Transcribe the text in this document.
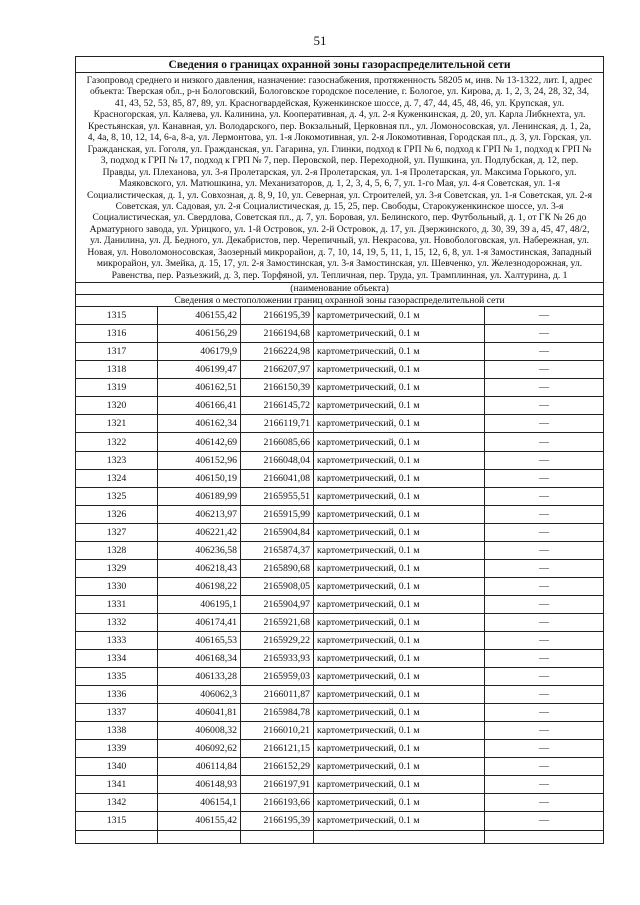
51
Сведения о границах охранной зоны газораспределительной сети				
Газопровод среднего и низкого давления, назначение: газоснабжения, протяженность 58205 м, инв. № 13-1322, лит. I, адрес объекта: Тверская обл., р-н Бологовский, Бологовское городское поселение, г. Бологое, ул. Кирова, д. 1, 2, 3, 24, 28, 32, 34, 41, 43, 52, 53, 85, 87, 89, ул. Красногвардейская, Куженкинское шоссе, д. 7, 47, 44, 45, 48, 46, ул. Крупская, ул. Красногорская, ул. Каляева, ул. Калинина, ул. Кооперативная, д. 4, ул. 2-я Куженкинская, д. 20, ул. Карла Либкнехта, ул. Крестьянская, ул. Канавная, ул. Володарского, пер. Вокзальный, Церковная пл., ул. Ломоносовская, ул. Ленинская, д. 1, 2а, 4, 4а, 8, 10, 12, 14, 6-а, 8-а, ул. Лермонтова, ул. 1-я Локомотивная, ул. 2-я Локомотивная, Городская пл., д. 3, ул. Горская, ул. Гражданская, ул. Гоголя, ул. Гражданская, ул. Гагарина, ул. Глинки, подход к ГРП № 6, подход к ГРП № 1, подход к ГРП № 3, подход к ГРП № 17, подход к ГРП № 7, пер. Перовской, пер. Переходной, ул. Пушкина, ул. Подлубская, д. 12, пер. Правды, ул. Плеханова, ул. 3-я Пролетарская, ул. 2-я Пролетарская, ул. 1-я Пролетарская, ул. Максима Горького, ул. Маяковского, ул. Матюшкина, ул. Механизаторов, д. 1, 2, 3, 4, 5, 6, 7, ул. 1-го Мая, ул. 4-я Советская, ул. 1-я Социалистическая, д. 1, ул. Совхозная, д. 8, 9, 10, ул. Северная, ул. Строителей, ул. 3-я Советская, ул. 1-я Советская, ул. 2-я Советская, ул. Садовая, ул. 2-я Социалистическая, д. 15, 25, пер. Свободы, Старокуженкинское шоссе, ул. 3-я Социалистическая, ул. Свердлова, Советская пл., д. 7, ул. Боровая, ул. Белинского, пер. Футбольный, д. 1, от ГК № 26 до Арматурного завода, ул. Урицкого, ул. 1-й Островок, ул. 2-й Островок, д. 17, ул. Дзержинского, д. 30, 39, 39 а, 45, 47, 48/2, ул. Данилина, ул. Д. Бедного, ул. Декабристов, пер. Черепичный, ул. Некрасова, ул. Новобологовская, ул. Набережная, ул. Новая, ул. Новоломоносовская, Заозерный микрорайон, д. 7, 10, 14, 19, 5, 11, 1, 15, 12, 6, 8, ул. 1-я Замостинская, Западный микрорайон, ул. Змейка, д. 15, 17, ул. 2-я Замостинская, ул. 3-я Замостинская, ул. Шевченко, ул. Железнодорожная, ул. Равенства, пер. Разъезжий, д. 3, пер. Торфяной, ул. Тепличная, пер. Труда, ул. Трамплинная, ул. Халтурина, д. 1				
(наименование объекта)				
Сведения о местоположении границ охранной зоны газораспределительной сети				
1315	406155,42	2166195,39	картометрический, 0.1 м	—
1316	406156,29	2166194,68	картометрический, 0.1 м	—
1317	406179,9	2166224,98	картометрический, 0.1 м	—
1318	406199,47	2166207,97	картометрический, 0.1 м	—
1319	406162,51	2166150,39	картометрический, 0.1 м	—
1320	406166,41	2166145,72	картометрический, 0.1 м	—
1321	406162,34	2166119,71	картометрический, 0.1 м	—
1322	406142,69	2166085,66	картометрический, 0.1 м	—
1323	406152,96	2166048,04	картометрический, 0.1 м	—
1324	406150,19	2166041,08	картометрический, 0.1 м	—
1325	406189,99	2165955,51	картометрический, 0.1 м	—
1326	406213,97	2165915,99	картометрический, 0.1 м	—
1327	406221,42	2165904,84	картометрический, 0.1 м	—
1328	406236,58	2165874,37	картометрический, 0.1 м	—
1329	406218,43	2165890,68	картометрический, 0.1 м	—
1330	406198,22	2165908,05	картометрический, 0.1 м	—
1331	406195,1	2165904,97	картометрический, 0.1 м	—
1332	406174,41	2165921,68	картометрический, 0.1 м	—
1333	406165,53	2165929,22	картометрический, 0.1 м	—
1334	406168,34	2165933,93	картометрический, 0.1 м	—
1335	406133,28	2165959,03	картометрический, 0.1 м	—
1336	406062,3	2166011,87	картометрический, 0.1 м	—
1337	406041,81	2165984,78	картометрический, 0.1 м	—
1338	406008,32	2166010,21	картометрический, 0.1 м	—
1339	406092,62	2166121,15	картометрический, 0.1 м	—
1340	406114,84	2166152,29	картометрический, 0.1 м	—
1341	406148,93	2166197,91	картометрический, 0.1 м	—
1342	406154,1	2166193,66	картометрический, 0.1 м	—
1315	406155,42	2166195,39	картометрический, 0.1 м	—
